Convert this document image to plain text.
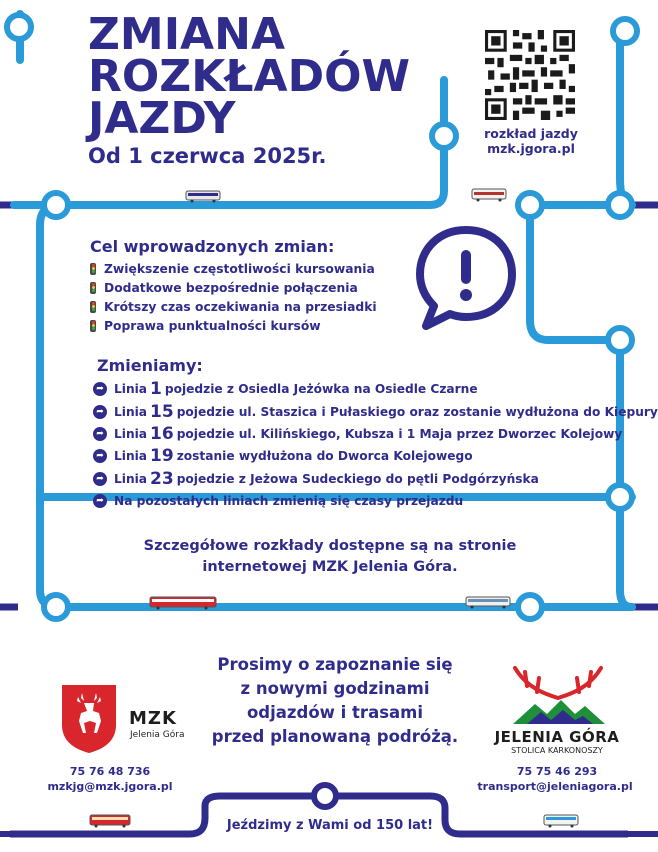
ZMIANA
ROZKŁADÓW
JAZDY
Od 1 czerwca 2025r.
rozkład jazdy
mzk.jgora.pl
Cel wprowadzonych zmian:
Zwiększenie częstotliwości kursowania
Dodatkowe bezpośrednie połączenia
Krótszy czas oczekiwania na przesiadki
Poprawa punktualności kursów
Zmieniamy:
➦ Linia 1 pojedzie z Osiedla Jeżówka na Osiedle Czarne
➦ Linia 15 pojedzie ul. Staszica i Pułaskiego oraz zostanie wydłużona do Kiepury
➦ Linia 16 pojedzie ul. Kilińskiego, Kubsza i 1 Maja przez Dworzec Kolejowy
➦ Linia 19 zostanie wydłużona do Dworca Kolejowego
➦ Linia 23 pojedzie z Jeżowa Sudeckiego do pętli Podgórzyńska
➦ Na pozostałych liniach zmienią się czasy przejazdu
Szczegółowe rozkłady dostępne są na stronie
internetowej MZK Jelenia Góra.
Prosimy o zapoznanie się
z nowymi godzinami
odjazdów i trasami
przed planowaną podróżą.
MZK
Jelenia Góra
75 76 48 736
mzkjg@mzk.jgora.pl
JELENIA GÓRA
STOLICA KARKONOSZY
75 75 46 293
transport@jeleniagora.pl
Jeździmy z Wami od 150 lat!
